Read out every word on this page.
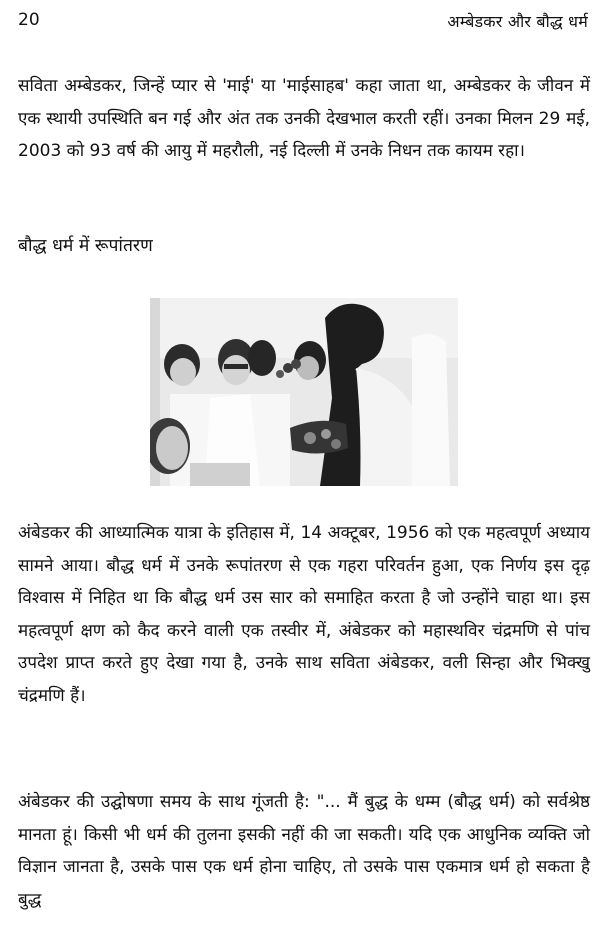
20	अम्बेडकर और बौद्ध धर्म

सविता अम्बेडकर, जिन्हें प्यार से 'माई' या 'माईसाहब' कहा जाता था, अम्बेडकर के जीवन में एक स्थायी उपस्थिति बन गई और अंत तक उनकी देखभाल करती रहीं। उनका मिलन 29 मई, 2003 को 93 वर्ष की आयु में महरौली, नई दिल्ली में उनके निधन तक कायम रहा।

बौद्ध धर्म में रूपांतरण

अंबेडकर की आध्यात्मिक यात्रा के इतिहास में, 14 अक्टूबर, 1956 को एक महत्वपूर्ण अध्याय सामने आया। बौद्ध धर्म में उनके रूपांतरण से एक गहरा परिवर्तन हुआ, एक निर्णय इस दृढ़ विश्वास में निहित था कि बौद्ध धर्म उस सार को समाहित करता है जो उन्होंने चाहा था। इस महत्वपूर्ण क्षण को कैद करने वाली एक तस्वीर में, अंबेडकर को महास्थविर चंद्रमणि से पांच उपदेश प्राप्त करते हुए देखा गया है, उनके साथ सविता अंबेडकर, वली सिन्हा और भिक्खु चंद्रमणि हैं।

अंबेडकर की उद्घोषणा समय के साथ गूंजती है: "... मैं बुद्ध के धम्म (बौद्ध धर्म) को सर्वश्रेष्ठ मानता हूं। किसी भी धर्म की तुलना इसकी नहीं की जा सकती। यदि एक आधुनिक व्यक्ति जो विज्ञान जानता है, उसके पास एक धर्म होना चाहिए, तो उसके पास एकमात्र धर्म हो सकता है बुद्ध
